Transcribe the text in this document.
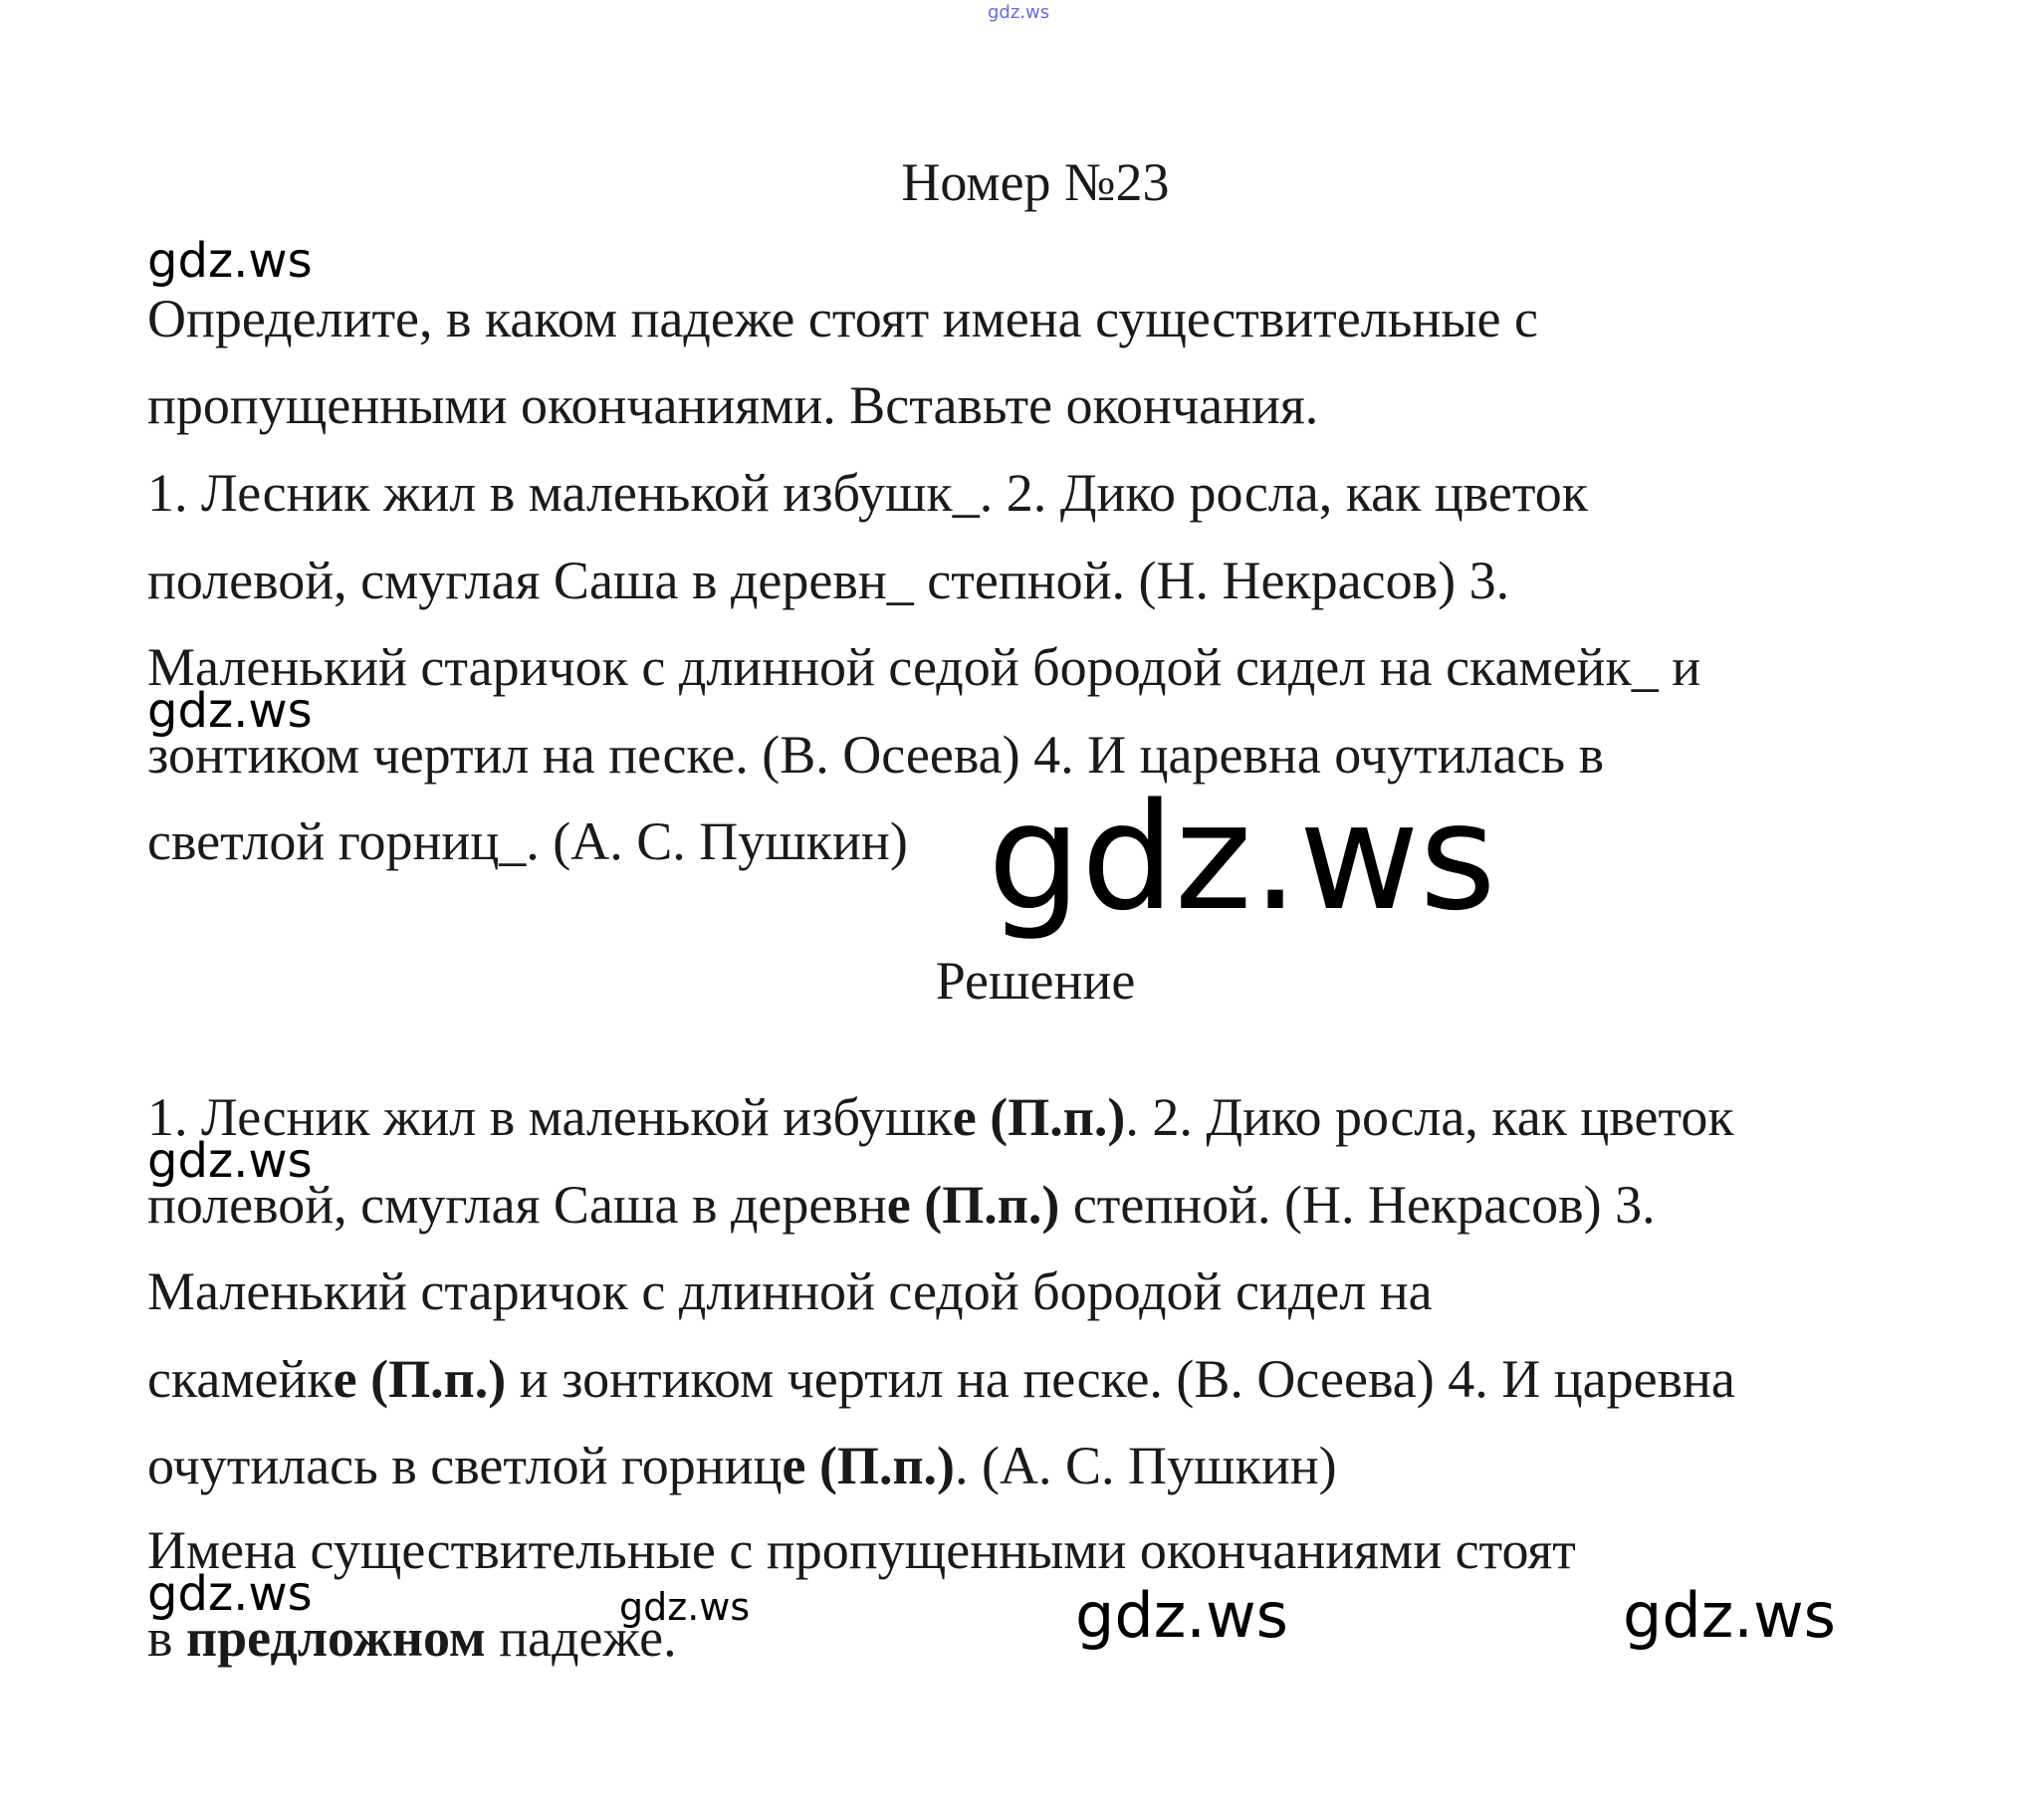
gdz.ws
Номер №23
gdz.ws
Определите, в каком падеже стоят имена существительные с
пропущенными окончаниями. Вставьте окончания.
1. Лесник жил в маленькой избушк_. 2. Дико росла, как цветок
полевой, смуглая Саша в деревн_ степной. (Н. Некрасов) 3.
Маленький старичок с длинной седой бородой сидел на скамейк_ и
зонтиком чертил на песке. (В. Осеева) 4. И царевна очутилась в
светлой горниц_. (А. С. Пушкин)
gdz.ws
gdz.ws
Решение
1. Лесник жил в маленькой избушке (П.п.). 2. Дико росла, как цветок
gdz.ws
полевой, смуглая Саша в деревне (П.п.) степной. (Н. Некрасов) 3.
Маленький старичок с длинной седой бородой сидел на
скамейке (П.п.) и зонтиком чертил на песке. (В. Осеева) 4. И царевна
очутилась в светлой горнице (П.п.). (А. С. Пушкин)
Имена существительные с пропущенными окончаниями стоят
gdz.ws
в предложном падеже.
gdz.ws	gdz.ws	gdz.ws
